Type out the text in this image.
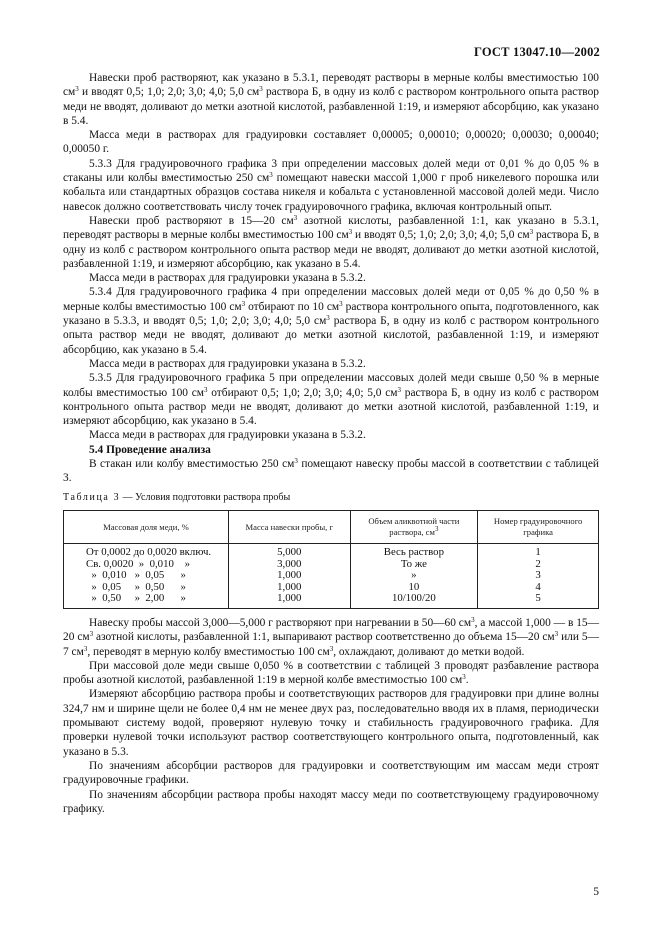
ГОСТ 13047.10—2002

Навески проб растворяют, как указано в 5.3.1, переводят растворы в мерные колбы вместимостью 100 $см^3$ и вводят 0,5; 1,0; 2,0; 3,0; 4,0; 5,0 $см^3$ раствора Б, в одну из колб с раствором контрольного опыта раствор меди не вводят, доливают до метки азотной кислотой, разбавленной 1:19, и измеряют абсорбцию, как указано в 5.4.

Масса меди в растворах для градуировки составляет 0,00005; 0,00010; 0,00020; 0,00030; 0,00040; 0,00050 г.

5.3.3 Для градуировочного графика 3 при определении массовых долей меди от 0,01 % до 0,05 % в стаканы или колбы вместимостью 250 $см^3$ помещают навески массой 1,000 г проб никелевого порошка или кобальта или стандартных образцов состава никеля и кобальта с установленной массовой долей меди. Число навесок должно соответствовать числу точек градуировочного графика, включая контрольный опыт.

Навески проб растворяют в 15—20 $см^3$ азотной кислоты, разбавленной 1:1, как указано в 5.3.1, переводят растворы в мерные колбы вместимостью 100 $см^3$ и вводят 0,5; 1,0; 2,0; 3,0; 4,0; 5,0 $см^3$ раствора Б, в одну из колб с раствором контрольного опыта раствор меди не вводят, доливают до метки азотной кислотой, разбавленной 1:19, и измеряют абсорбцию, как указано в 5.4.

Масса меди в растворах для градуировки указана в 5.3.2.

5.3.4 Для градуировочного графика 4 при определении массовых долей меди от 0,05 % до 0,50 % в мерные колбы вместимостью 100 $см^3$ отбирают по 10 $см^3$ раствора контрольного опыта, подготовленного, как указано в 5.3.3, и вводят 0,5; 1,0; 2,0; 3,0; 4,0; 5,0 $см^3$ раствора Б, в одну из колб с раствором контрольного опыта раствор меди не вводят, доливают до метки азотной кислотой, разбавленной 1:19, и измеряют абсорбцию, как указано в 5.4.

Масса меди в растворах для градуировки указана в 5.3.2.

5.3.5 Для градуировочного графика 5 при определении массовых долей меди свыше 0,50 % в мерные колбы вместимостью 100 $см^3$ отбирают 0,5; 1,0; 2,0; 3,0; 4,0; 5,0 $см^3$ раствора Б, в одну из колб с раствором контрольного опыта раствор меди не вводят, доливают до метки азотной кислотой, разбавленной 1:19, и измеряют абсорбцию, как указано в 5.4.

Масса меди в растворах для градуировки указана в 5.3.2.

5.4 Проведение анализа

В стакан или колбу вместимостью 250 $см^3$ помещают навеску пробы массой в соответствии с таблицей 3.

Таблица 3 — Условия подготовки раствора пробы
Массовая доля меди, %	Масса навески пробы, г	Объем аликвотной части раствора, $см^3$	Номер градуировочного графика
От 0,0002 до 0,0020 включ.	5,000	Весь раствор	1
Св. 0,0020  »  0,010    »	3,000	То же	2
»  0,010   »  0,05      »	1,000	»	3
»  0,05     »  0,50      »	1,000	10	4
»  0,50     »  2,00      »	1,000	10/100/20	5

Навеску пробы массой 3,000—5,000 г растворяют при нагревании в 50—60 $см^3$, а массой 1,000 — в 15—20 $см^3$ азотной кислоты, разбавленной 1:1, выпаривают раствор соответственно до объема 15—20 $см^3$ или 5—7 $см^3$, переводят в мерную колбу вместимостью 100 $см^3$, охлаждают, доливают до метки водой.

При массовой доле меди свыше 0,050 % в соответствии с таблицей 3 проводят разбавление раствора пробы азотной кислотой, разбавленной 1:19 в мерной колбе вместимостью 100 $см^3$.

Измеряют абсорбцию раствора пробы и соответствующих растворов для градуировки при длине волны 324,7 нм и ширине щели не более 0,4 нм не менее двух раз, последовательно вводя их в пламя, периодически промывают систему водой, проверяют нулевую точку и стабильность градуировочного графика. Для проверки нулевой точки используют раствор соответствующего контрольного опыта, подготовленный, как указано в 5.3.

По значениям абсорбции растворов для градуировки и соответствующим им массам меди строят градуировочные графики.

По значениям абсорбции раствора пробы находят массу меди по соответствующему градуировочному графику.

5
